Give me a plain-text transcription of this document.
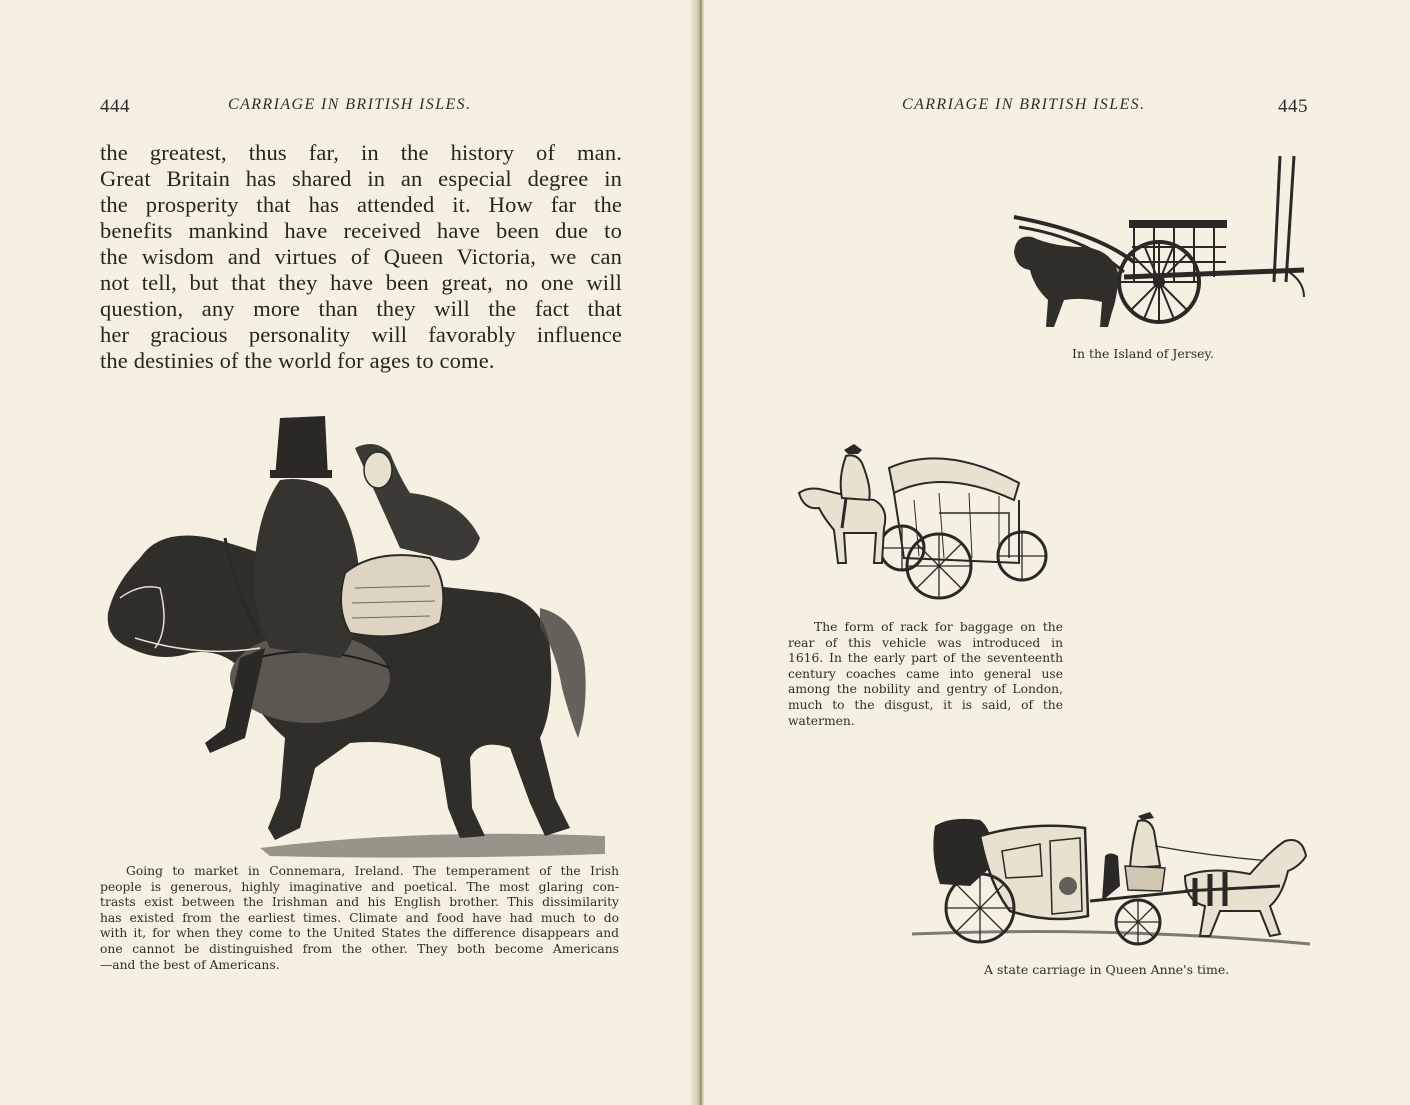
444	CARRIAGE IN BRITISH ISLES.
the greatest, thus far, in the history of man.
Great Britain has shared in an especial degree in
the prosperity that has attended it. How far the
benefits mankind have received have been due to
the wisdom and virtues of Queen Victoria, we can
not tell, but that they have been great, no one will
question, any more than they will the fact that
her gracious personality will favorably influence
the destinies of the world for ages to come.
Going to market in Connemara, Ireland. The temperament of the Irish
people is generous, highly imaginative and poetical. The most glaring con-
trasts exist between the Irishman and his English brother. This dissimilarity
has existed from the earliest times. Climate and food have had much to do
with it, for when they come to the United States the difference disappears and
one cannot be distinguished from the other. They both become Americans
—and the best of Americans.
CARRIAGE IN BRITISH ISLES.	445
In the Island of Jersey.
The form of rack for baggage on the
rear of this vehicle was introduced in
1616. In the early part of the seventeenth
century coaches came into general use
among the nobility and gentry of London,
much to the disgust, it is said, of the
watermen.
A state carriage in Queen Anne's time.
